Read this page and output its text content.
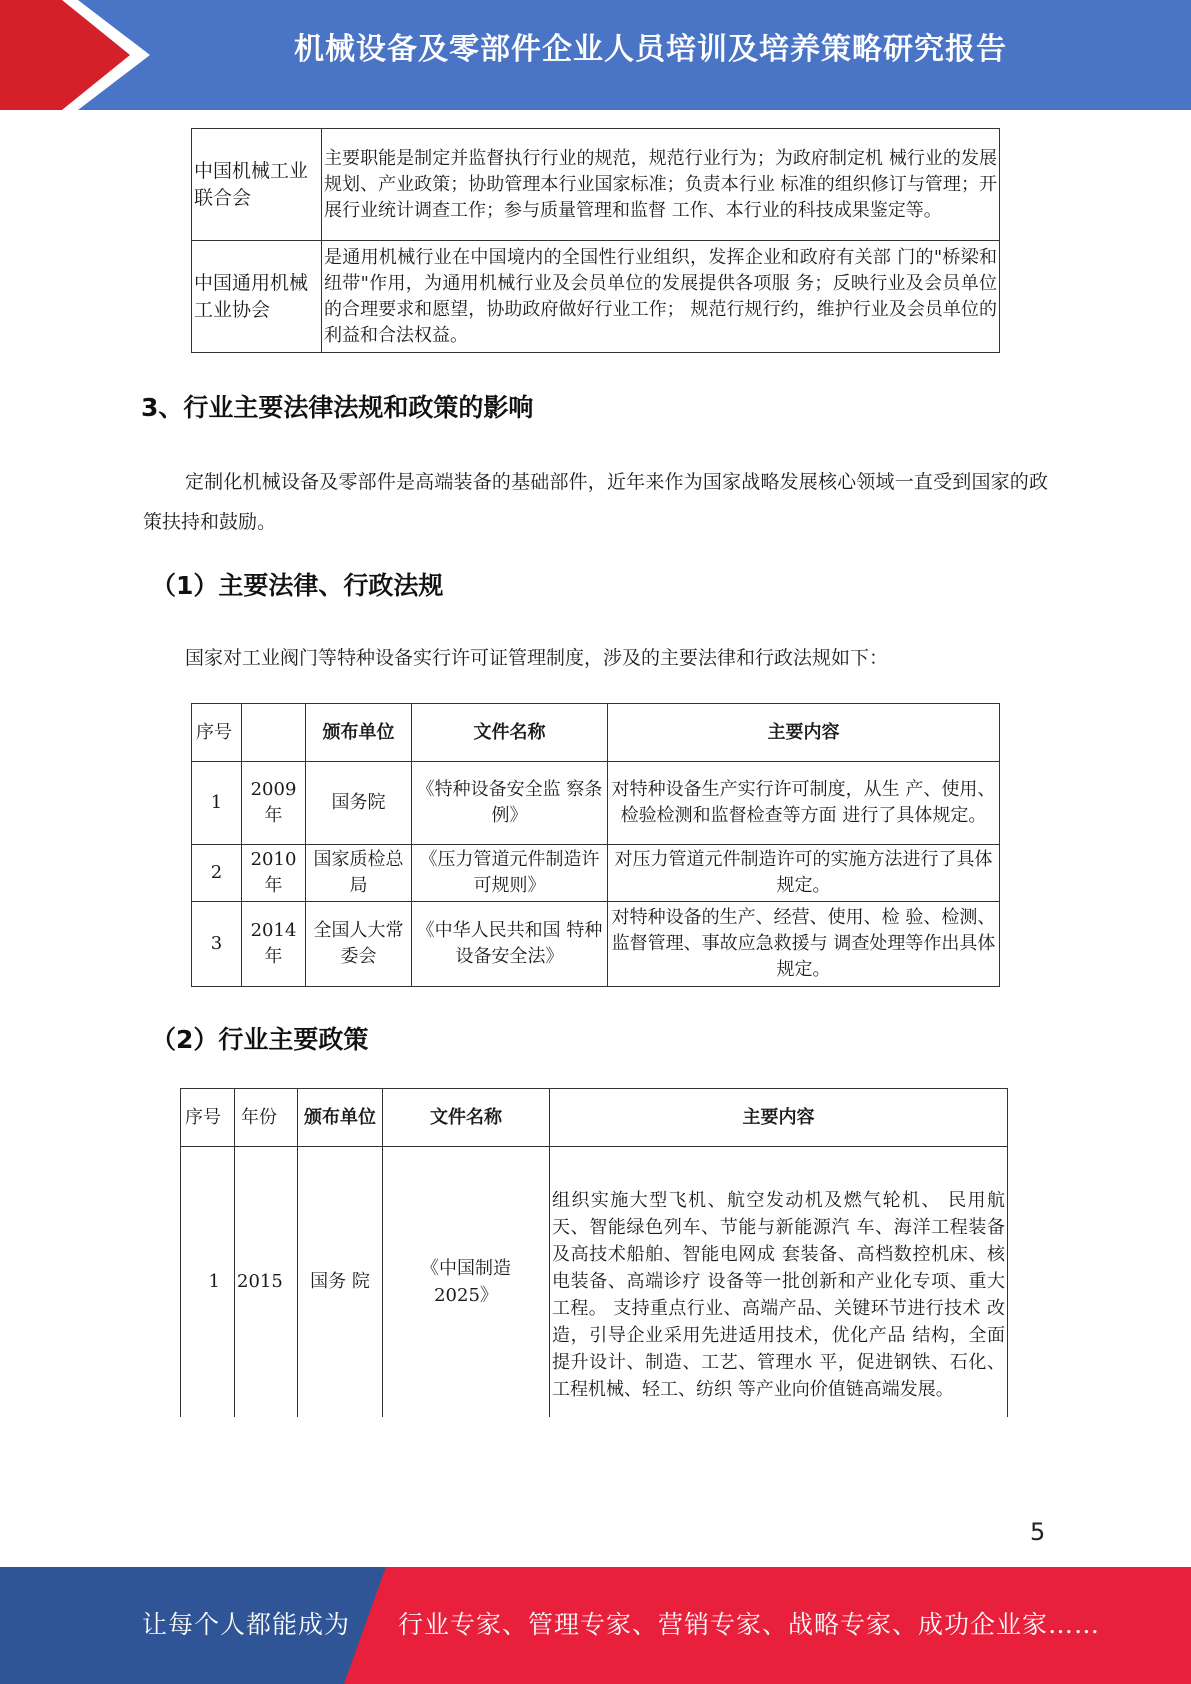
机械设备及零部件企业人员培训及培养策略研究报告
中国机械工业联合会	主要职能是制定并监督执行行业的规范，规范行业行为；为政府制定机 械行业的发展规划、产业政策；协助管理本行业国家标准；负责本行业 标准的组织修订与管理；开展行业统计调查工作；参与质量管理和监督 工作、本行业的科技成果鉴定等。
中国通用机械工业协会	是通用机械行业在中国境内的全国性行业组织，发挥企业和政府有关部 门的"桥梁和纽带"作用，为通用机械行业及会员单位的发展提供各项服 务；反映行业及会员单位的合理要求和愿望，协助政府做好行业工作； 规范行规行约，维护行业及会员单位的利益和合法权益。
3、行业主要法律法规和政策的影响
定制化机械设备及零部件是高端装备的基础部件，近年来作为国家战略发展核心领域一直受到国家的政策扶持和鼓励。
（1）主要法律、行政法规
国家对工业阀门等特种设备实行许可证管理制度，涉及的主要法律和行政法规如下：
序号		颁布单位	文件名称	主要内容
1	2009年	国务院	《特种设备安全监 察条例》	对特种设备生产实行许可制度，从生 产、使用、检验检测和监督检查等方面 进行了具体规定。
2	2010年	国家质检总局	《压力管道元件制造许可规则》	对压力管道元件制造许可的实施方法进行了具体规定。
3	2014年	全国人大常委会	《中华人民共和国 特种设备安全法》	对特种设备的生产、经营、使用、检 验、检测、监督管理、事故应急救援与 调查处理等作出具体规定。
（2）行业主要政策
序号	年份	颁布单位	文件名称	主要内容
1	2015	国务 院	《中国制造2025》	组织实施大型飞机、航空发动机及燃气轮机、 民用航天、智能绿色列车、节能与新能源汽 车、海洋工程装备及高技术船舶、智能电网成 套装备、高档数控机床、核电装备、高端诊疗 设备等一批创新和产业化专项、重大工程。 支持重点行业、高端产品、关键环节进行技术 改造，引导企业采用先进适用技术，优化产品 结构，全面提升设计、制造、工艺、管理水 平，促进钢铁、石化、工程机械、轻工、纺织 等产业向价值链高端发展。
5
让每个人都能成为 行业专家、管理专家、营销专家、战略专家、成功企业家……
